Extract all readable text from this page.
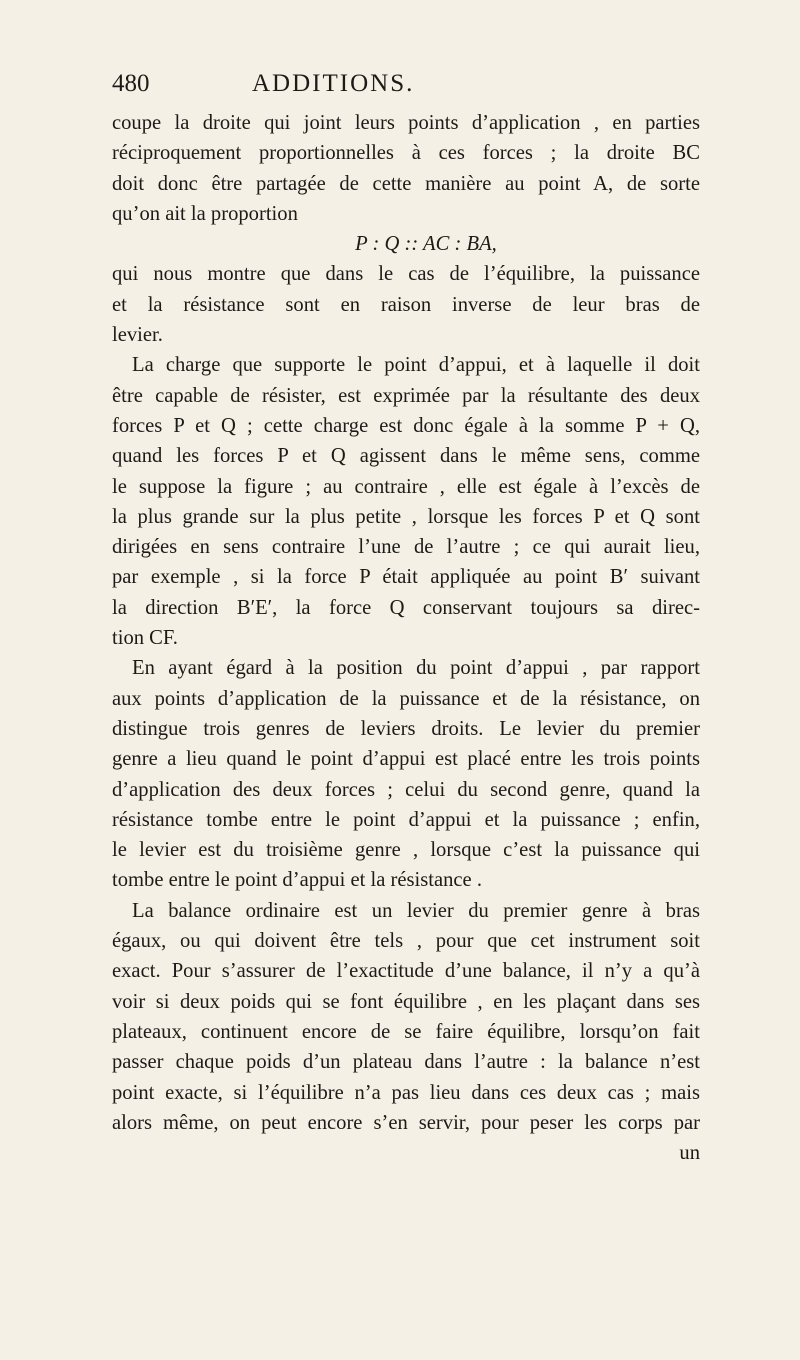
480	ADDITIONS.
coupe la droite qui joint leurs points d’application , en parties
réciproquement proportionnelles à ces forces ; la droite BC
doit donc être partagée de cette manière au point A, de sorte
qu’on ait la proportion
P : Q :: AC : BA,
qui nous montre que dans le cas de l’équilibre, la puissance
et la résistance sont en raison inverse de leur bras de
levier.
La charge que supporte le point d’appui, et à laquelle il doit
être capable de résister, est exprimée par la résultante des deux
forces P et Q ; cette charge est donc égale à la somme P + Q,
quand les forces P et Q agissent dans le même sens, comme
le suppose la figure ; au contraire , elle est égale à l’excès de
la plus grande sur la plus petite , lorsque les forces P et Q sont
dirigées en sens contraire l’une de l’autre ; ce qui aurait lieu,
par exemple , si la force P était appliquée au point B′ suivant
la direction B′E′, la force Q conservant toujours sa direc-
tion CF.
En ayant égard à la position du point d’appui , par rapport
aux points d’application de la puissance et de la résistance, on
distingue trois genres de leviers droits. Le levier du premier
genre a lieu quand le point d’appui est placé entre les trois points
d’application des deux forces ; celui du second genre, quand la
résistance tombe entre le point d’appui et la puissance ; enfin,
le levier est du troisième genre , lorsque c’est la puissance qui
tombe entre le point d’appui et la résistance .
La balance ordinaire est un levier du premier genre à bras
égaux, ou qui doivent être tels , pour que cet instrument soit
exact. Pour s’assurer de l’exactitude d’une balance, il n’y a qu’à
voir si deux poids qui se font équilibre , en les plaçant dans ses
plateaux, continuent encore de se faire équilibre, lorsqu’on fait
passer chaque poids d’un plateau dans l’autre : la balance n’est
point exacte, si l’équilibre n’a pas lieu dans ces deux cas ; mais
alors même, on peut encore s’en servir, pour peser les corps par
un
